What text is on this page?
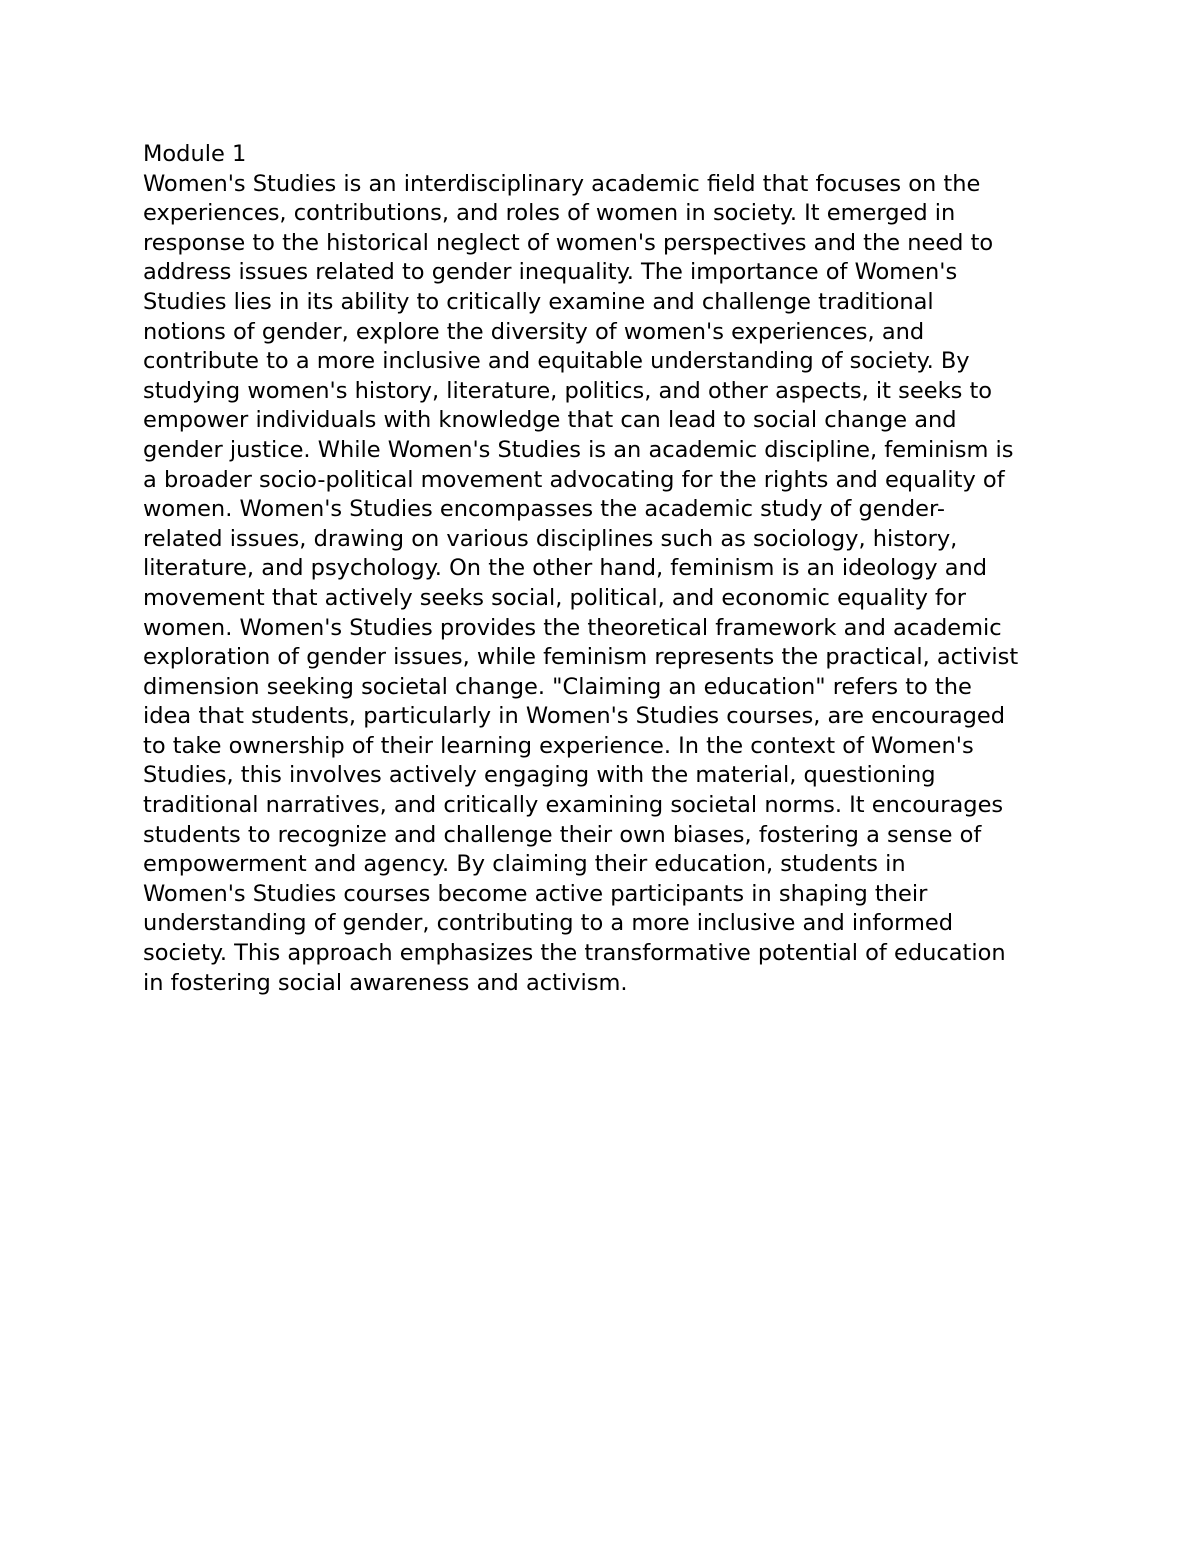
Module 1
Women's Studies is an interdisciplinary academic field that focuses on the
experiences, contributions, and roles of women in society. It emerged in
response to the historical neglect of women's perspectives and the need to
address issues related to gender inequality. The importance of Women's
Studies lies in its ability to critically examine and challenge traditional
notions of gender, explore the diversity of women's experiences, and
contribute to a more inclusive and equitable understanding of society. By
studying women's history, literature, politics, and other aspects, it seeks to
empower individuals with knowledge that can lead to social change and
gender justice. While Women's Studies is an academic discipline, feminism is
a broader socio-political movement advocating for the rights and equality of
women. Women's Studies encompasses the academic study of gender-
related issues, drawing on various disciplines such as sociology, history,
literature, and psychology. On the other hand, feminism is an ideology and
movement that actively seeks social, political, and economic equality for
women. Women's Studies provides the theoretical framework and academic
exploration of gender issues, while feminism represents the practical, activist
dimension seeking societal change. "Claiming an education" refers to the
idea that students, particularly in Women's Studies courses, are encouraged
to take ownership of their learning experience. In the context of Women's
Studies, this involves actively engaging with the material, questioning
traditional narratives, and critically examining societal norms. It encourages
students to recognize and challenge their own biases, fostering a sense of
empowerment and agency. By claiming their education, students in
Women's Studies courses become active participants in shaping their
understanding of gender, contributing to a more inclusive and informed
society. This approach emphasizes the transformative potential of education
in fostering social awareness and activism.
